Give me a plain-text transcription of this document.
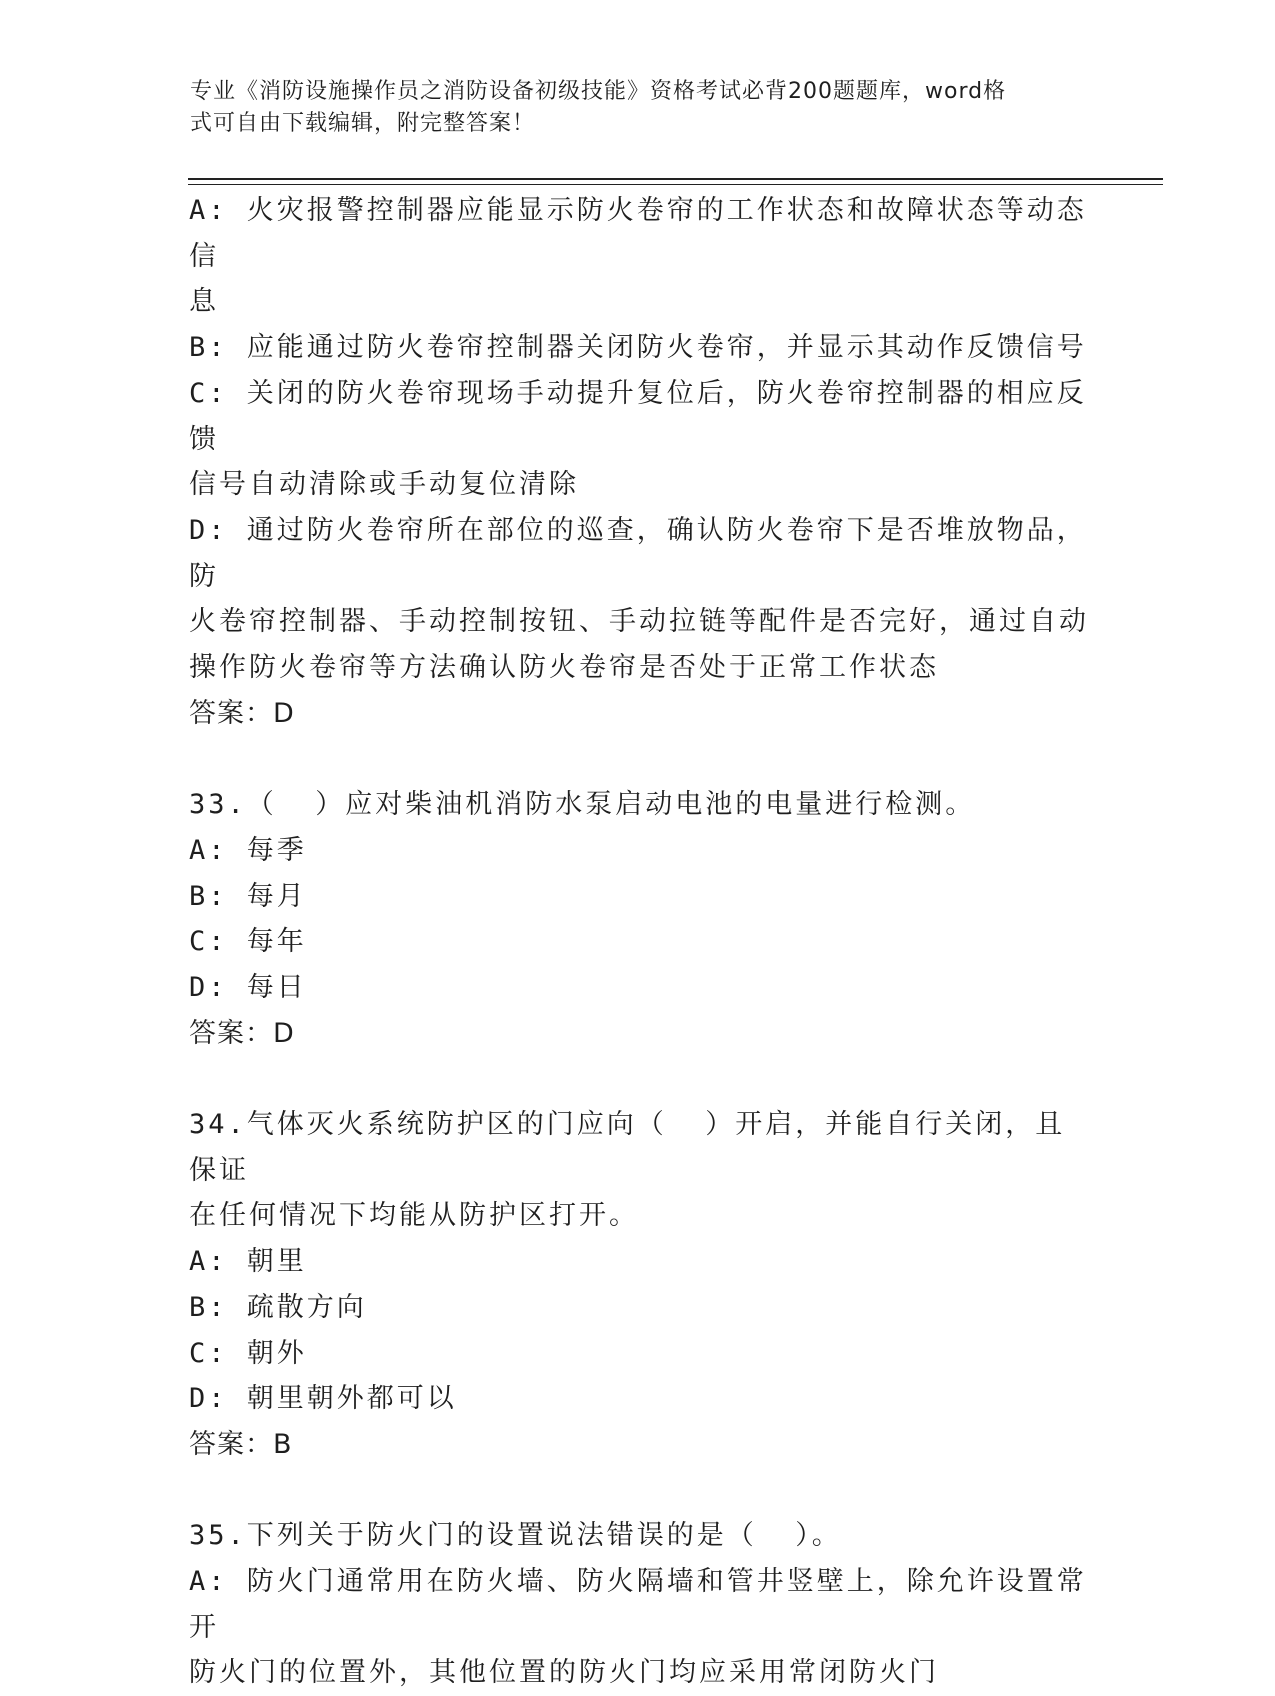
专业《消防设施操作员之消防设备初级技能》资格考试必背200题题库，word格
式可自由下载编辑，附完整答案！
A: 火灾报警控制器应能显示防火卷帘的工作状态和故障状态等动态信
息
B: 应能通过防火卷帘控制器关闭防火卷帘，并显示其动作反馈信号
C: 关闭的防火卷帘现场手动提升复位后，防火卷帘控制器的相应反馈
信号自动清除或手动复位清除
D: 通过防火卷帘所在部位的巡查，确认防火卷帘下是否堆放物品，防
火卷帘控制器、手动控制按钮、手动拉链等配件是否完好，通过自动
操作防火卷帘等方法确认防火卷帘是否处于正常工作状态
答案：D
33.（  ）应对柴油机消防水泵启动电池的电量进行检测。
A: 每季
B: 每月
C: 每年
D: 每日
答案：D
34.气体灭火系统防护区的门应向（  ）开启，并能自行关闭，且保证
在任何情况下均能从防护区打开。
A: 朝里
B: 疏散方向
C: 朝外
D: 朝里朝外都可以
答案：B
35.下列关于防火门的设置说法错误的是（  ）。
A: 防火门通常用在防火墙、防火隔墙和管井竖壁上，除允许设置常开
防火门的位置外，其他位置的防火门均应采用常闭防火门
